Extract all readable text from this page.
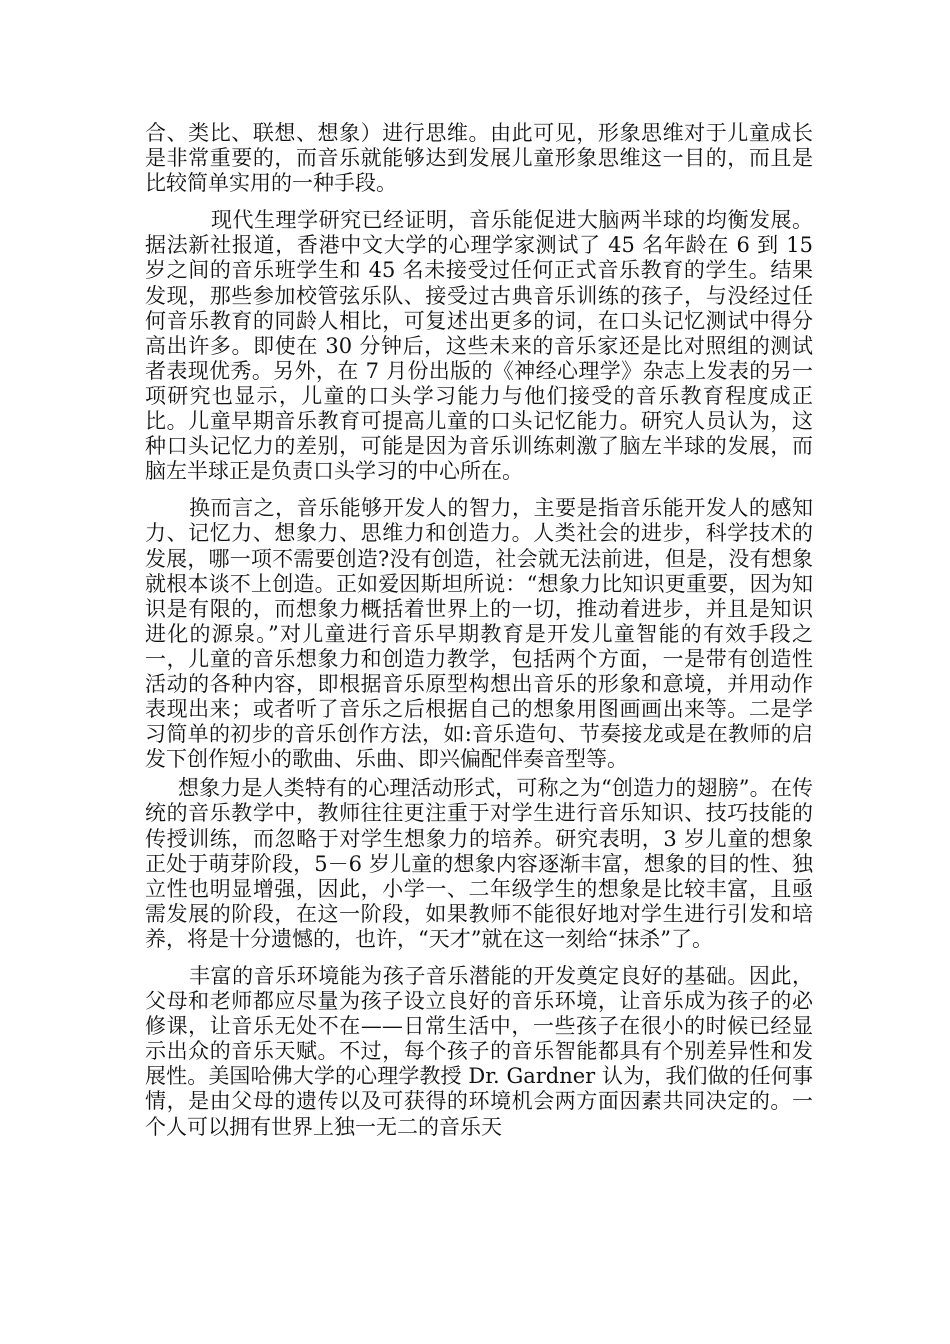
合、类比、联想、想象）进行思维。由此可见，形象思维对于儿童成长是非常重要的，而音乐就能够达到发展儿童形象思维这一目的，而且是比较简单实用的一种手段。

现代生理学研究已经证明，音乐能促进大脑两半球的均衡发展。据法新社报道，香港中文大学的心理学家测试了 45 名年龄在 6 到 15 岁之间的音乐班学生和 45 名未接受过任何正式音乐教育的学生。结果发现，那些参加校管弦乐队、接受过古典音乐训练的孩子，与没经过任何音乐教育的同龄人相比，可复述出更多的词，在口头记忆测试中得分高出许多。即使在 30 分钟后，这些未来的音乐家还是比对照组的测试者表现优秀。另外，在 7 月份出版的《神经心理学》杂志上发表的另一项研究也显示，儿童的口头学习能力与他们接受的音乐教育程度成正比。儿童早期音乐教育可提高儿童的口头记忆能力。研究人员认为，这种口头记忆力的差别，可能是因为音乐训练刺激了脑左半球的发展，而脑左半球正是负责口头学习的中心所在。

换而言之，音乐能够开发人的智力，主要是指音乐能开发人的感知力、记忆力、想象力、思维力和创造力。人类社会的进步，科学技术的发展，哪一项不需要创造?没有创造，社会就无法前进，但是，没有想象就根本谈不上创造。正如爱因斯坦所说：“想象力比知识更重要，因为知识是有限的，而想象力概括着世界上的一切，推动着进步，并且是知识进化的源泉。”对儿童进行音乐早期教育是开发儿童智能的有效手段之一，儿童的音乐想象力和创造力教学，包括两个方面，一是带有创造性活动的各种内容，即根据音乐原型构想出音乐的形象和意境，并用动作表现出来；或者听了音乐之后根据自己的想象用图画画出来等。二是学习简单的初步的音乐创作方法，如:音乐造句、节奏接龙或是在教师的启发下创作短小的歌曲、乐曲、即兴偏配伴奏音型等。

想象力是人类特有的心理活动形式，可称之为“创造力的翅膀”。在传统的音乐教学中，教师往往更注重于对学生进行音乐知识、技巧技能的传授训练，而忽略于对学生想象力的培养。研究表明，3 岁儿童的想象正处于萌芽阶段，5－6 岁儿童的想象内容逐渐丰富，想象的目的性、独立性也明显增强，因此，小学一、二年级学生的想象是比较丰富，且亟需发展的阶段，在这一阶段，如果教师不能很好地对学生进行引发和培养，将是十分遗憾的，也许，“天才”就在这一刻给“抹杀”了。

丰富的音乐环境能为孩子音乐潜能的开发奠定良好的基础。因此，父母和老师都应尽量为孩子设立良好的音乐环境，让音乐成为孩子的必修课，让音乐无处不在——日常生活中，一些孩子在很小的时候已经显示出众的音乐天赋。不过，每个孩子的音乐智能都具有个别差异性和发展性。美国哈佛大学的心理学教授 Dr. Gardner 认为，我们做的任何事情，是由父母的遗传以及可获得的环境机会两方面因素共同决定的。一个人可以拥有世界上独一无二的音乐天
